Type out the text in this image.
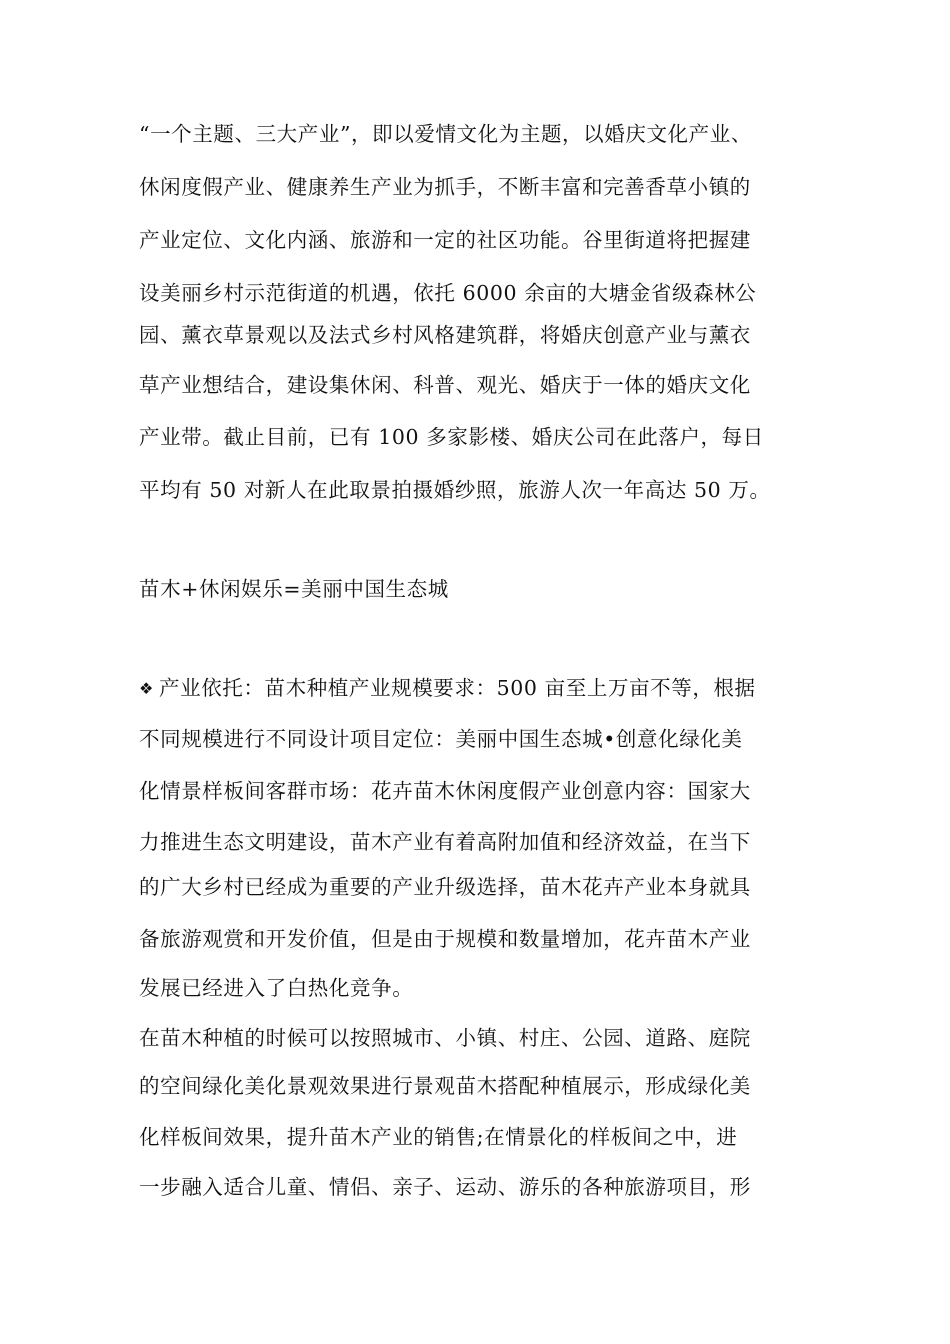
“一个主题、三大产业”，即以爱情文化为主题，以婚庆文化产业、
休闲度假产业、健康养生产业为抓手，不断丰富和完善香草小镇的
产业定位、文化内涵、旅游和一定的社区功能。谷里街道将把握建
设美丽乡村示范街道的机遇，依托 6000 余亩的大塘金省级森林公
园、薰衣草景观以及法式乡村风格建筑群，将婚庆创意产业与薰衣
草产业想结合，建设集休闲、科普、观光、婚庆于一体的婚庆文化
产业带。截止目前，已有 100 多家影楼、婚庆公司在此落户，每日
平均有 50 对新人在此取景拍摄婚纱照，旅游人次一年高达 50 万。
苗木+休闲娱乐=美丽中国生态城
❖ 产业依托：苗木种植产业规模要求：500 亩至上万亩不等，根据
不同规模进行不同设计项目定位：美丽中国生态城•创意化绿化美
化情景样板间客群市场：花卉苗木休闲度假产业创意内容：国家大
力推进生态文明建设，苗木产业有着高附加值和经济效益，在当下
的广大乡村已经成为重要的产业升级选择，苗木花卉产业本身就具
备旅游观赏和开发价值，但是由于规模和数量增加，花卉苗木产业
发展已经进入了白热化竞争。
在苗木种植的时候可以按照城市、小镇、村庄、公园、道路、庭院
的空间绿化美化景观效果进行景观苗木搭配种植展示，形成绿化美
化样板间效果，提升苗木产业的销售;在情景化的样板间之中，进
一步融入适合儿童、情侣、亲子、运动、游乐的各种旅游项目，形
